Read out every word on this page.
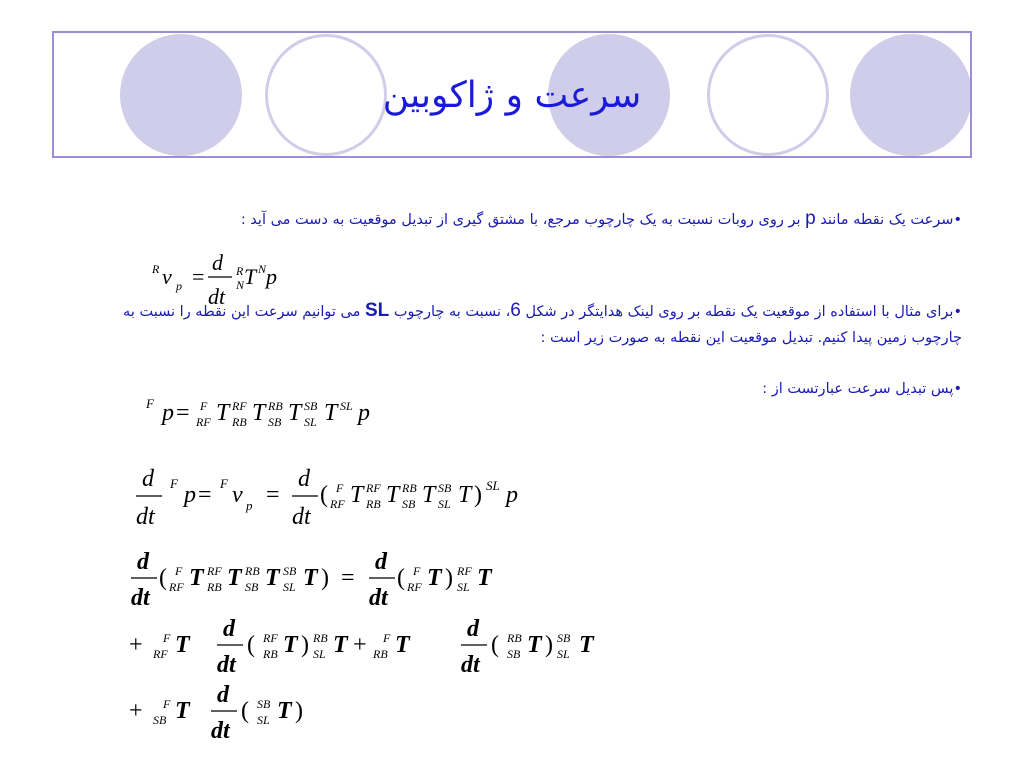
سرعت و ژاکوبین
•سرعت یک نقطه مانند p بر روی روبات نسبت به یک چارچوب مرجع، با مشتق گیری از تبدیل موقعیت به دست می آید :
R v p =
d
dt
R
N T N p
•برای مثال با استفاده از موقعیت یک نقطه بر روی لینک هدایتگر در شکل 6، نسبت به چارچوب SL می توانیم سرعت این نقطه را نسبت به چارچوب زمین پیدا کنیم. تبدیل موقعیت این نقطه به صورت زیر است :
•پس تبدیل سرعت عبارتست از :
F p = F
RF T RF
RB T RB
SB T SB
SL T SL p
d
dt
F p = F v p =
d
dt
( F
RF T RF
RB T RB
SB T SB
SL T ) SL p
d
dt
( F
RF T RF
RB T RB
SB T SB
SL T ) =
d
dt
( F
RF T ) RF
SL T
+ F
RF T
d
dt
( RF
RB T ) RB
SL T + F
RB T
d
dt
( RB
SB T ) SB
SL T
+ F
SB T
d
dt
( SB
SL T )
